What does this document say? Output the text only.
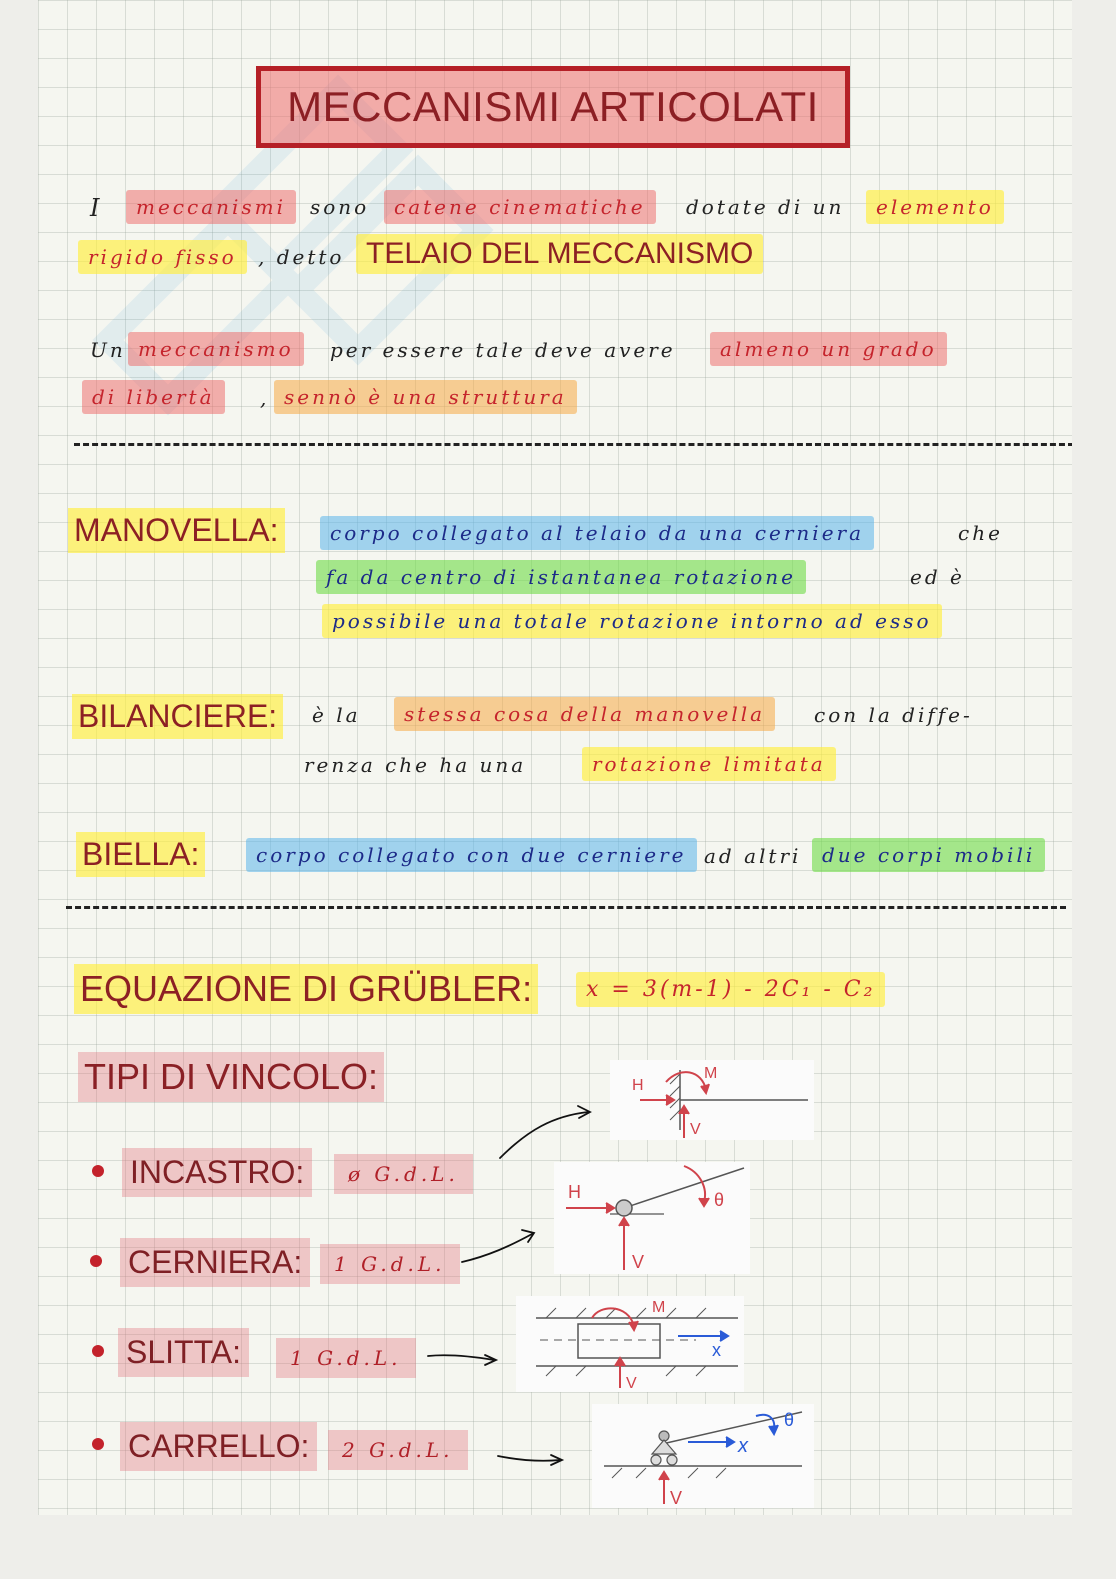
MECCANISMI ARTICOLATI
I	meccanismi	sono	catene cinematiche	dotate di un	elemento
rigido fisso	, detto TELAIO DEL MECCANISMO
Un meccanismo	per essere tale deve avere	almeno un grado
di libertà	, sennò è una struttura
MANOVELLA:	corpo collegato al telaio da una cerniera	che
fa da centro di istantanea rotazione	ed è
possibile una totale rotazione intorno ad esso
BILANCIERE:	è la	stessa cosa della manovella	con la diffe-
renza che ha una	rotazione limitata
BIELLA:	corpo collegato con due cerniere ad altri	due corpi mobili
EQUAZIONE DI GRÜBLER:	x = 3(m-1) - 2C₁ - C₂
TIPI DI VINCOLO:
INCASTRO:	ø G.d.L.
CERNIERA:	1 G.d.L.
SLITTA:	1 G.d.L.
CARRELLO:	2 G.d.L.
H
M
V
H
V
θ
M
x
V
x
θ
V
